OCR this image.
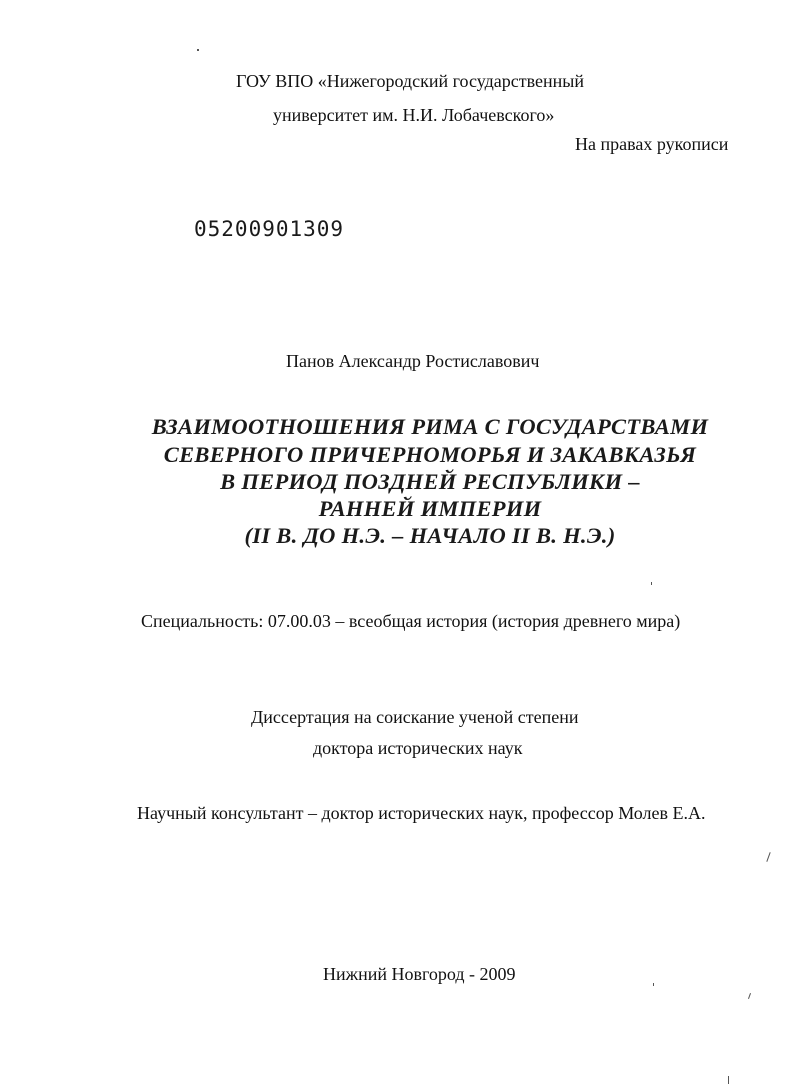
ГОУ ВПО «Нижегородский государственный
университет им. Н.И. Лобачевского»
На правах рукописи
05200901309
Панов Александр Ростиславович
ВЗАИМООТНОШЕНИЯ РИМА С ГОСУДАРСТВАМИ
СЕВЕРНОГО ПРИЧЕРНОМОРЬЯ И ЗАКАВКАЗЬЯ
В ПЕРИОД ПОЗДНЕЙ РЕСПУБЛИКИ –
РАННЕЙ ИМПЕРИИ
(II В. ДО Н.Э. – НАЧАЛО II В. Н.Э.)
Специальность: 07.00.03 – всеобщая история (история древнего мира)
Диссертация на соискание ученой степени
доктора исторических наук
Научный консультант – доктор исторических наук, профессор Молев Е.А.
Нижний Новгород - 2009
